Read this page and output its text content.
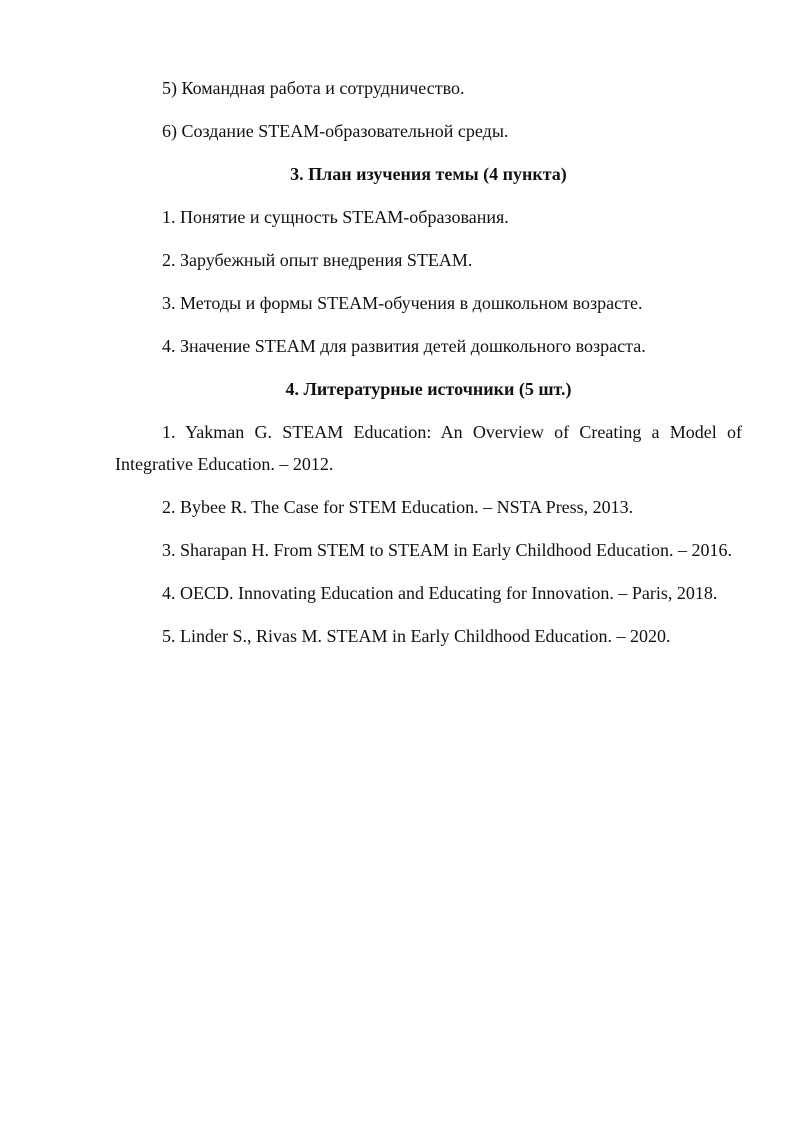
5) Командная работа и сотрудничество.

6) Создание STEAM-образовательной среды.

3. План изучения темы (4 пункта)

1. Понятие и сущность STEAM-образования.

2. Зарубежный опыт внедрения STEAM.

3. Методы и формы STEAM-обучения в дошкольном возрасте.

4. Значение STEAM для развития детей дошкольного возраста.

4. Литературные источники (5 шт.)

1. Yakman G. STEAM Education: An Overview of Creating a Model of Integrative Education. – 2012.

2. Bybee R. The Case for STEM Education. – NSTA Press, 2013.

3. Sharapan H. From STEM to STEAM in Early Childhood Education. – 2016.

4. OECD. Innovating Education and Educating for Innovation. – Paris, 2018.

5. Linder S., Rivas M. STEAM in Early Childhood Education. – 2020.
